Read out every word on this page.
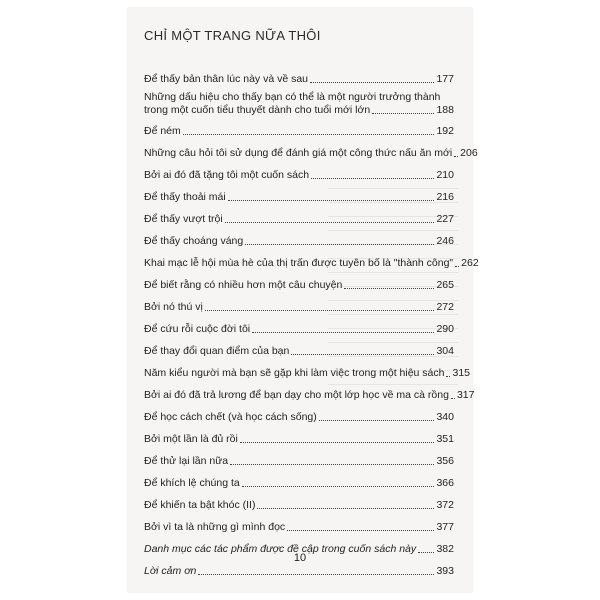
CHỈ MỘT TRANG NỮA THÔI
Để thấy bản thân lúc này và về sau	177
Những dấu hiệu cho thấy bạn có thể là một người trưởng thành
trong một cuốn tiểu thuyết dành cho tuổi mới lớn	188
Để ném	192
Những câu hỏi tôi sử dụng để đánh giá một công thức nấu ăn mới 206
Bởi ai đó đã tặng tôi một cuốn sách	210
Để thấy thoải mái	216
Để thấy vượt trội	227
Để thấy choáng váng	246
Khai mạc lễ hội mùa hè của thị trấn được tuyên bố là "thành công" 262
Để biết rằng có nhiều hơn một câu chuyện	265
Bởi nó thú vị	272
Để cứu rỗi cuộc đời tôi	290
Để thay đổi quan điểm của bạn	304
Năm kiểu người mà bạn sẽ gặp khi làm việc trong một hiệu sách 315
Bởi ai đó đã trả lương để bạn dạy cho một lớp học về ma cà rồng 317
Để học cách chết (và học cách sống)	340
Bởi một lần là đủ rồi	351
Để thử lại lần nữa	356
Để khích lệ chúng ta	366
Để khiến ta bật khóc (II)	372
Bởi vì ta là những gì mình đọc	377
Danh mục các tác phẩm được đề cập trong cuốn sách này 382
Lời cảm ơn	393
10
